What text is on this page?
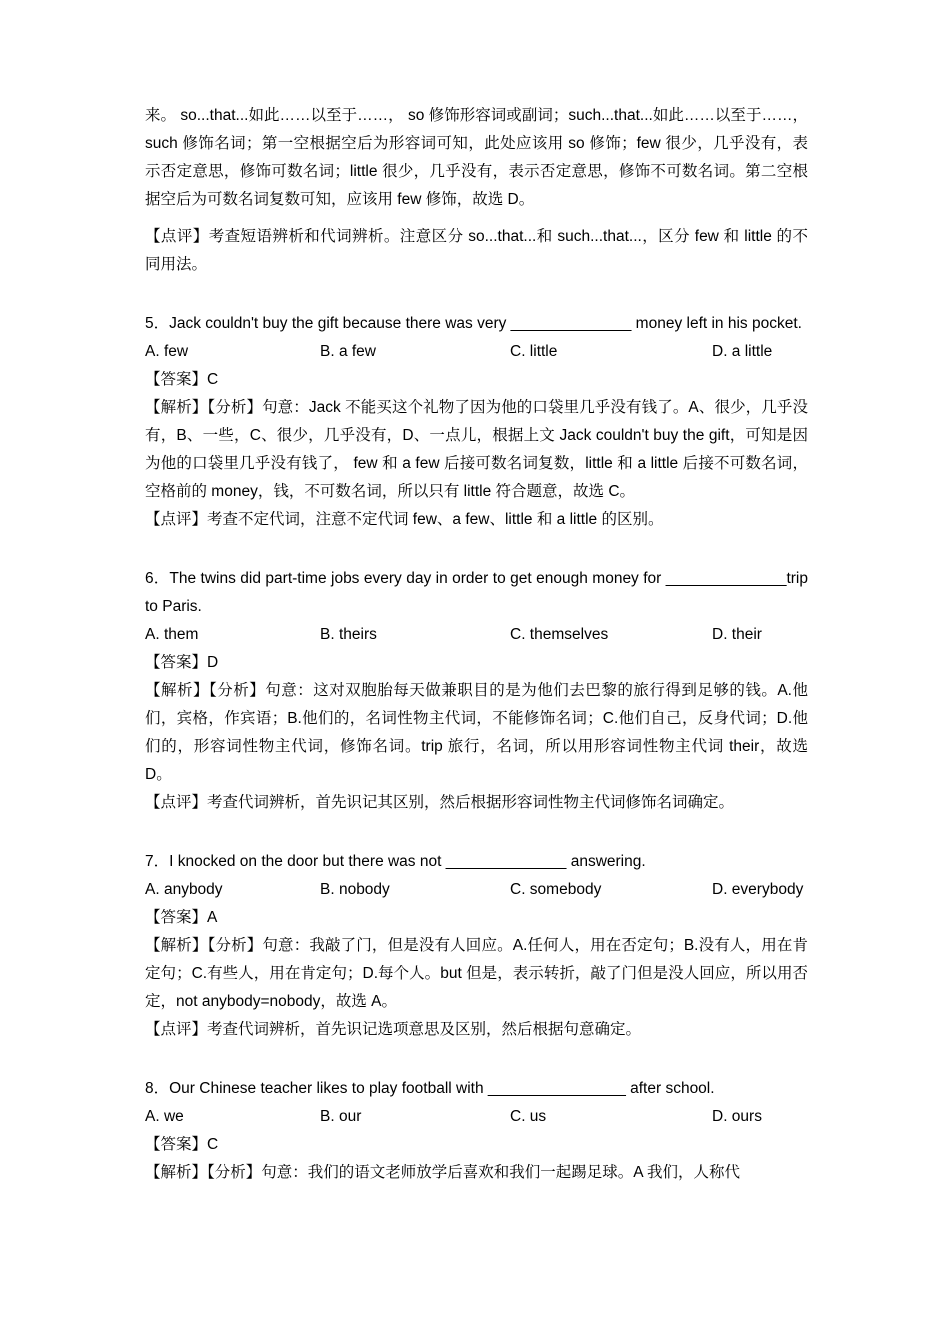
来。 so...that...如此……以至于……， so 修饰形容词或副词；such...that...如此……以至于……，such 修饰名词；第一空根据空后为形容词可知，此处应该用 so 修饰；few 很少，几乎没有，表示否定意思，修饰可数名词；little 很少，几乎没有，表示否定意思，修饰不可数名词。第二空根据空后为可数名词复数可知，应该用 few 修饰，故选 D。

【点评】考查短语辨析和代词辨析。注意区分 so...that...和 such...that...，区分 few 和 little 的不同用法。

5．Jack couldn't buy the gift because there was very ______________ money left in his pocket.

A. few	B. a few	C. little	D. a little

【答案】C

【解析】【分析】句意：Jack 不能买这个礼物了因为他的口袋里几乎没有钱了。A、很少，几乎没有，B、一些，C、很少，几乎没有，D、一点儿，根据上文 Jack couldn't buy the gift，可知是因为他的口袋里几乎没有钱了， few 和 a few 后接可数名词复数，little 和 a little 后接不可数名词，空格前的 money，钱，不可数名词，所以只有 little 符合题意，故选 C。

【点评】考查不定代词，注意不定代词 few、a few、little 和 a little 的区别。

6．The twins did part-time jobs every day in order to get enough money for ______________trip to Paris.

A. them	B. theirs	C. themselves	D. their

【答案】D

【解析】【分析】句意：这对双胞胎每天做兼职目的是为他们去巴黎的旅行得到足够的钱。A.他们，宾格，作宾语；B.他们的，名词性物主代词，不能修饰名词；C.他们自己，反身代词；D.他们的，形容词性物主代词，修饰名词。trip 旅行，名词，所以用形容词性物主代词 their，故选 D。

【点评】考查代词辨析，首先识记其区别，然后根据形容词性物主代词修饰名词确定。

7．I knocked on the door but there was not ______________ answering.

A. anybody	B. nobody	C. somebody	D. everybody

【答案】A

【解析】【分析】句意：我敲了门，但是没有人回应。A.任何人，用在否定句；B.没有人，用在肯定句；C.有些人，用在肯定句；D.每个人。but 但是，表示转折，敲了门但是没人回应，所以用否定，not anybody=nobody，故选 A。

【点评】考查代词辨析，首先识记选项意思及区别，然后根据句意确定。

8．Our Chinese teacher likes to play football with ________________ after school.

A. we	B. our	C. us	D. ours

【答案】C

【解析】【分析】句意：我们的语文老师放学后喜欢和我们一起踢足球。A 我们，人称代
